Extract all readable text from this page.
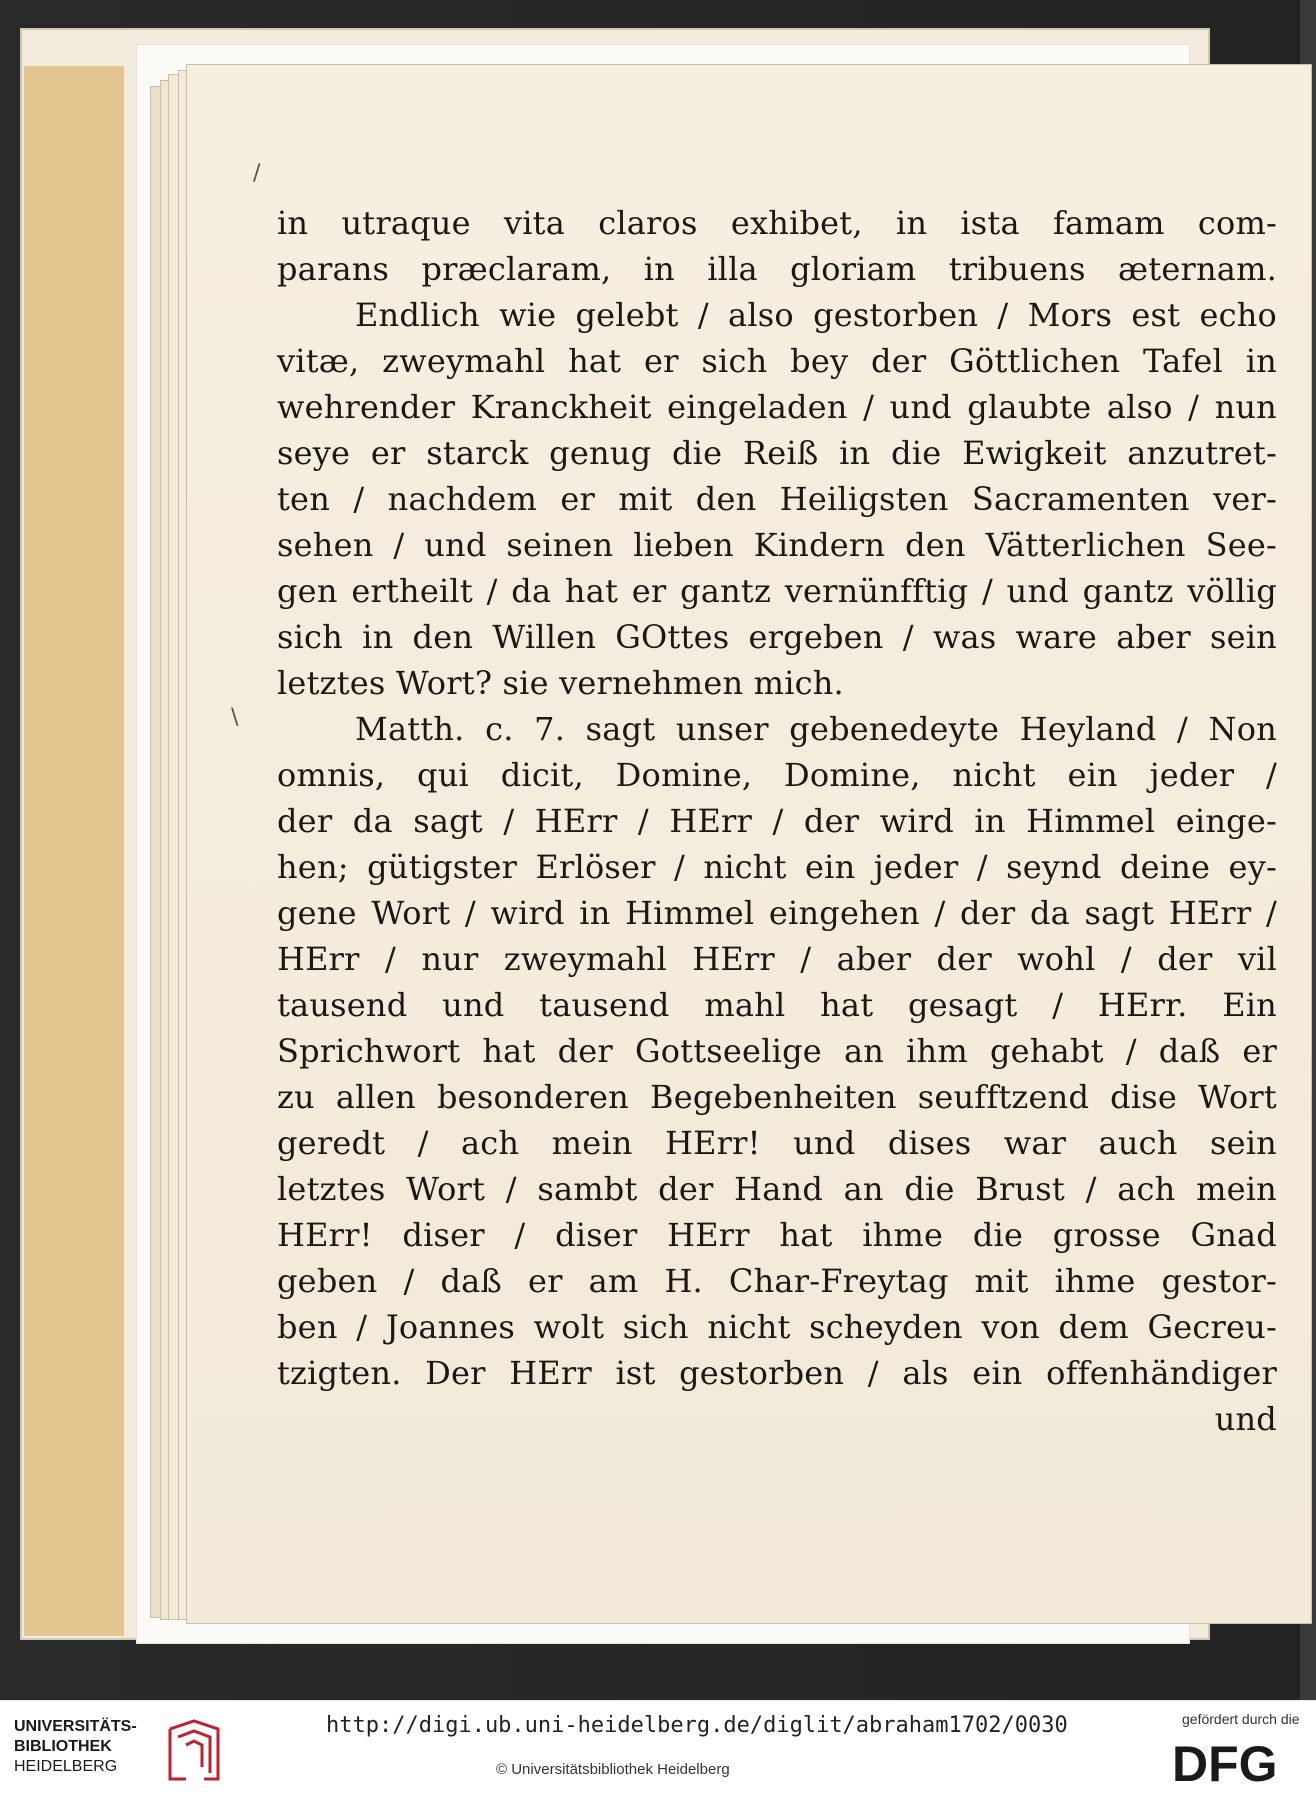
/
\
in utraque vita claros exhibet, in ista famam com-
parans præclaram, in illa gloriam tribuens æternam.
Endlich wie gelebt / also gestorben / Mors est echo
vitæ, zweymahl hat er sich bey der Göttlichen Tafel in
wehrender Kranckheit eingeladen / und glaubte also / nun
seye er starck genug die Reiß in die Ewigkeit anzutret-
ten / nachdem er mit den Heiligsten Sacramenten ver-
sehen / und seinen lieben Kindern den Vätterlichen See-
gen ertheilt / da hat er gantz vernünfftig / und gantz völlig
sich in den Willen GOttes ergeben / was ware aber sein
letztes Wort? sie vernehmen mich.
Matth. c. 7. sagt unser gebenedeyte Heyland / Non
omnis, qui dicit, Domine, Domine, nicht ein jeder /
der da sagt / HErr / HErr / der wird in Himmel einge-
hen; gütigster Erlöser / nicht ein jeder / seynd deine ey-
gene Wort / wird in Himmel eingehen / der da sagt HErr /
HErr / nur zweymahl HErr / aber der wohl / der vil
tausend und tausend mahl hat gesagt / HErr. Ein
Sprichwort hat der Gottseelige an ihm gehabt / daß er
zu allen besonderen Begebenheiten seufftzend dise Wort
geredt / ach mein HErr! und dises war auch sein
letztes Wort / sambt der Hand an die Brust / ach mein
HErr! diser / diser HErr hat ihme die grosse Gnad
geben / daß er am H. Char-Freytag mit ihme gestor-
ben / Joannes wolt sich nicht scheyden von dem Gecreu-
tzigten. Der HErr ist gestorben / als ein offenhändiger
und
UNIVERSITÄTS-
BIBLIOTHEK
HEIDELBERG
http://digi.ub.uni-heidelberg.de/diglit/abraham1702/0030
© Universitätsbibliothek Heidelberg
gefördert durch die
DFG
